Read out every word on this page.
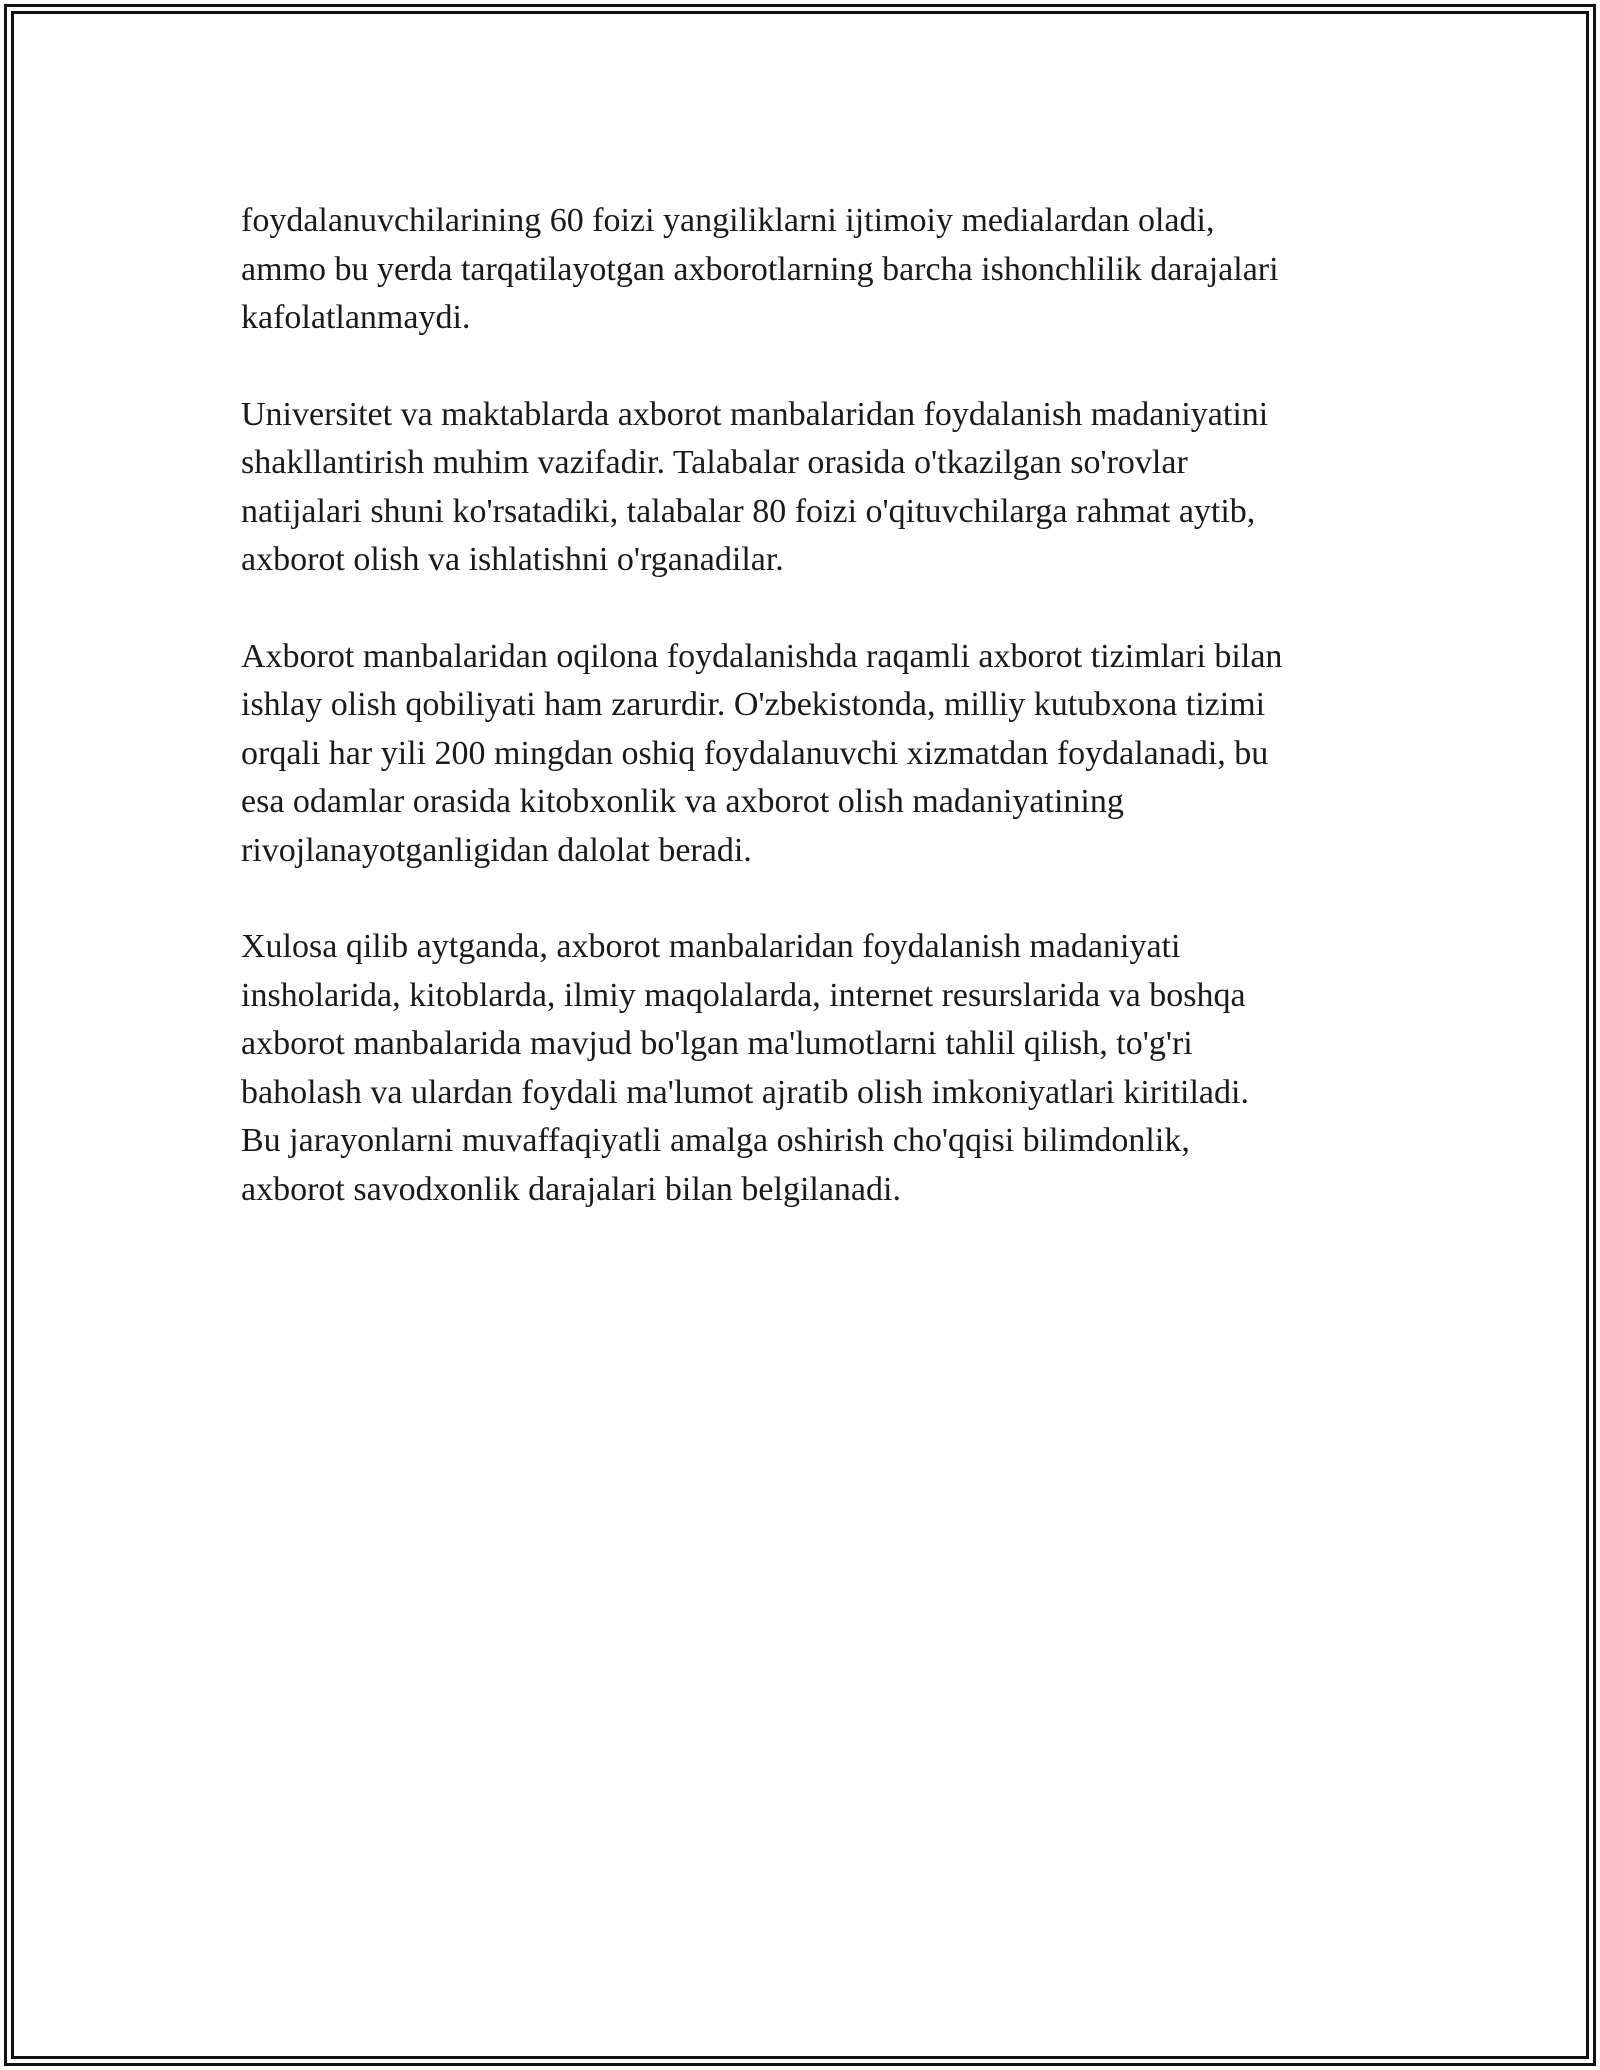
foydalanuvchilarining 60 foizi yangiliklarni ijtimoiy medialardan oladi,
ammo bu yerda tarqatilayotgan axborotlarning barcha ishonchlilik darajalari
kafolatlanmaydi.

Universitet va maktablarda axborot manbalaridan foydalanish madaniyatini
shakllantirish muhim vazifadir. Talabalar orasida o'tkazilgan so'rovlar
natijalari shuni ko'rsatadiki, talabalar 80 foizi o'qituvchilarga rahmat aytib,
axborot olish va ishlatishni o'rganadilar.

Axborot manbalaridan oqilona foydalanishda raqamli axborot tizimlari bilan
ishlay olish qobiliyati ham zarurdir. O'zbekistonda, milliy kutubxona tizimi
orqali har yili 200 mingdan oshiq foydalanuvchi xizmatdan foydalanadi, bu
esa odamlar orasida kitobxonlik va axborot olish madaniyatining
rivojlanayotganligidan dalolat beradi.

Xulosa qilib aytganda, axborot manbalaridan foydalanish madaniyati
insholarida, kitoblarda, ilmiy maqolalarda, internet resurslarida va boshqa
axborot manbalarida mavjud bo'lgan ma'lumotlarni tahlil qilish, to'g'ri
baholash va ulardan foydali ma'lumot ajratib olish imkoniyatlari kiritiladi.
Bu jarayonlarni muvaffaqiyatli amalga oshirish cho'qqisi bilimdonlik,
axborot savodxonlik darajalari bilan belgilanadi.
